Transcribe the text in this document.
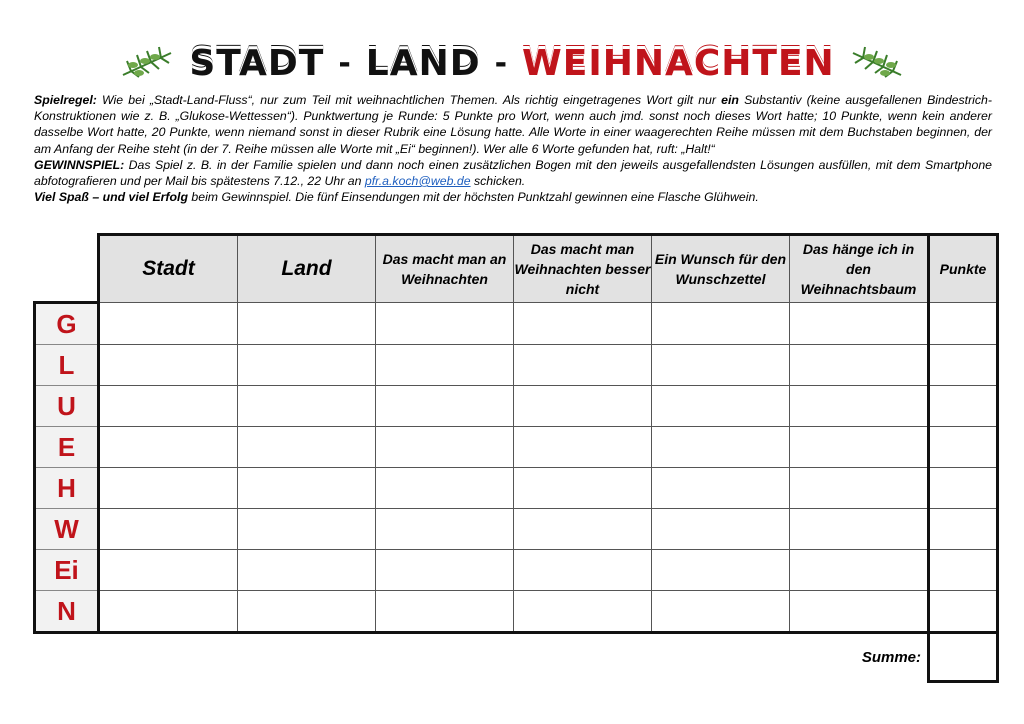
STADT - LAND - WEIHNACHTEN

Spielregel: Wie bei „Stadt-Land-Fluss“, nur zum Teil mit weihnachtlichen Themen. Als richtig eingetragenes Wort gilt nur ein Substantiv (keine ausgefallenen Bindestrich-Konstruktionen wie z. B. „Glukose-Wettessen“). Punktwertung je Runde: 5 Punkte pro Wort, wenn auch jmd. sonst noch dieses Wort hatte; 10 Punkte, wenn kein anderer dasselbe Wort hatte, 20 Punkte, wenn niemand sonst in dieser Rubrik eine Lösung hatte. Alle Worte in einer waagerechten Reihe müssen mit dem Buchstaben beginnen, der am Anfang der Reihe steht (in der 7. Reihe müssen alle Worte mit „Ei“ beginnen!). Wer alle 6 Worte gefunden hat, ruft: „Halt!“

GEWINNSPIEL: Das Spiel z. B. in der Familie spielen und dann noch einen zusätzlichen Bogen mit den jeweils ausgefallendsten Lösungen ausfüllen, mit dem Smartphone abfotografieren und per Mail bis spätestens 7.12., 22 Uhr an pfr.a.koch@web.de schicken.

Viel Spaß – und viel Erfolg beim Gewinnspiel. Die fünf Einsendungen mit der höchsten Punktzahl gewinnen eine Flasche Glühwein.

	Stadt	Land	Das macht man an Weihnachten	Das macht man Weihnachten besser nicht	Ein Wunsch für den Wunschzettel	Das hänge ich in den Weihnachtsbaum	Punkte
G							
L							
U							
E							
H							
W							
Ei							
N							
Summe:							
